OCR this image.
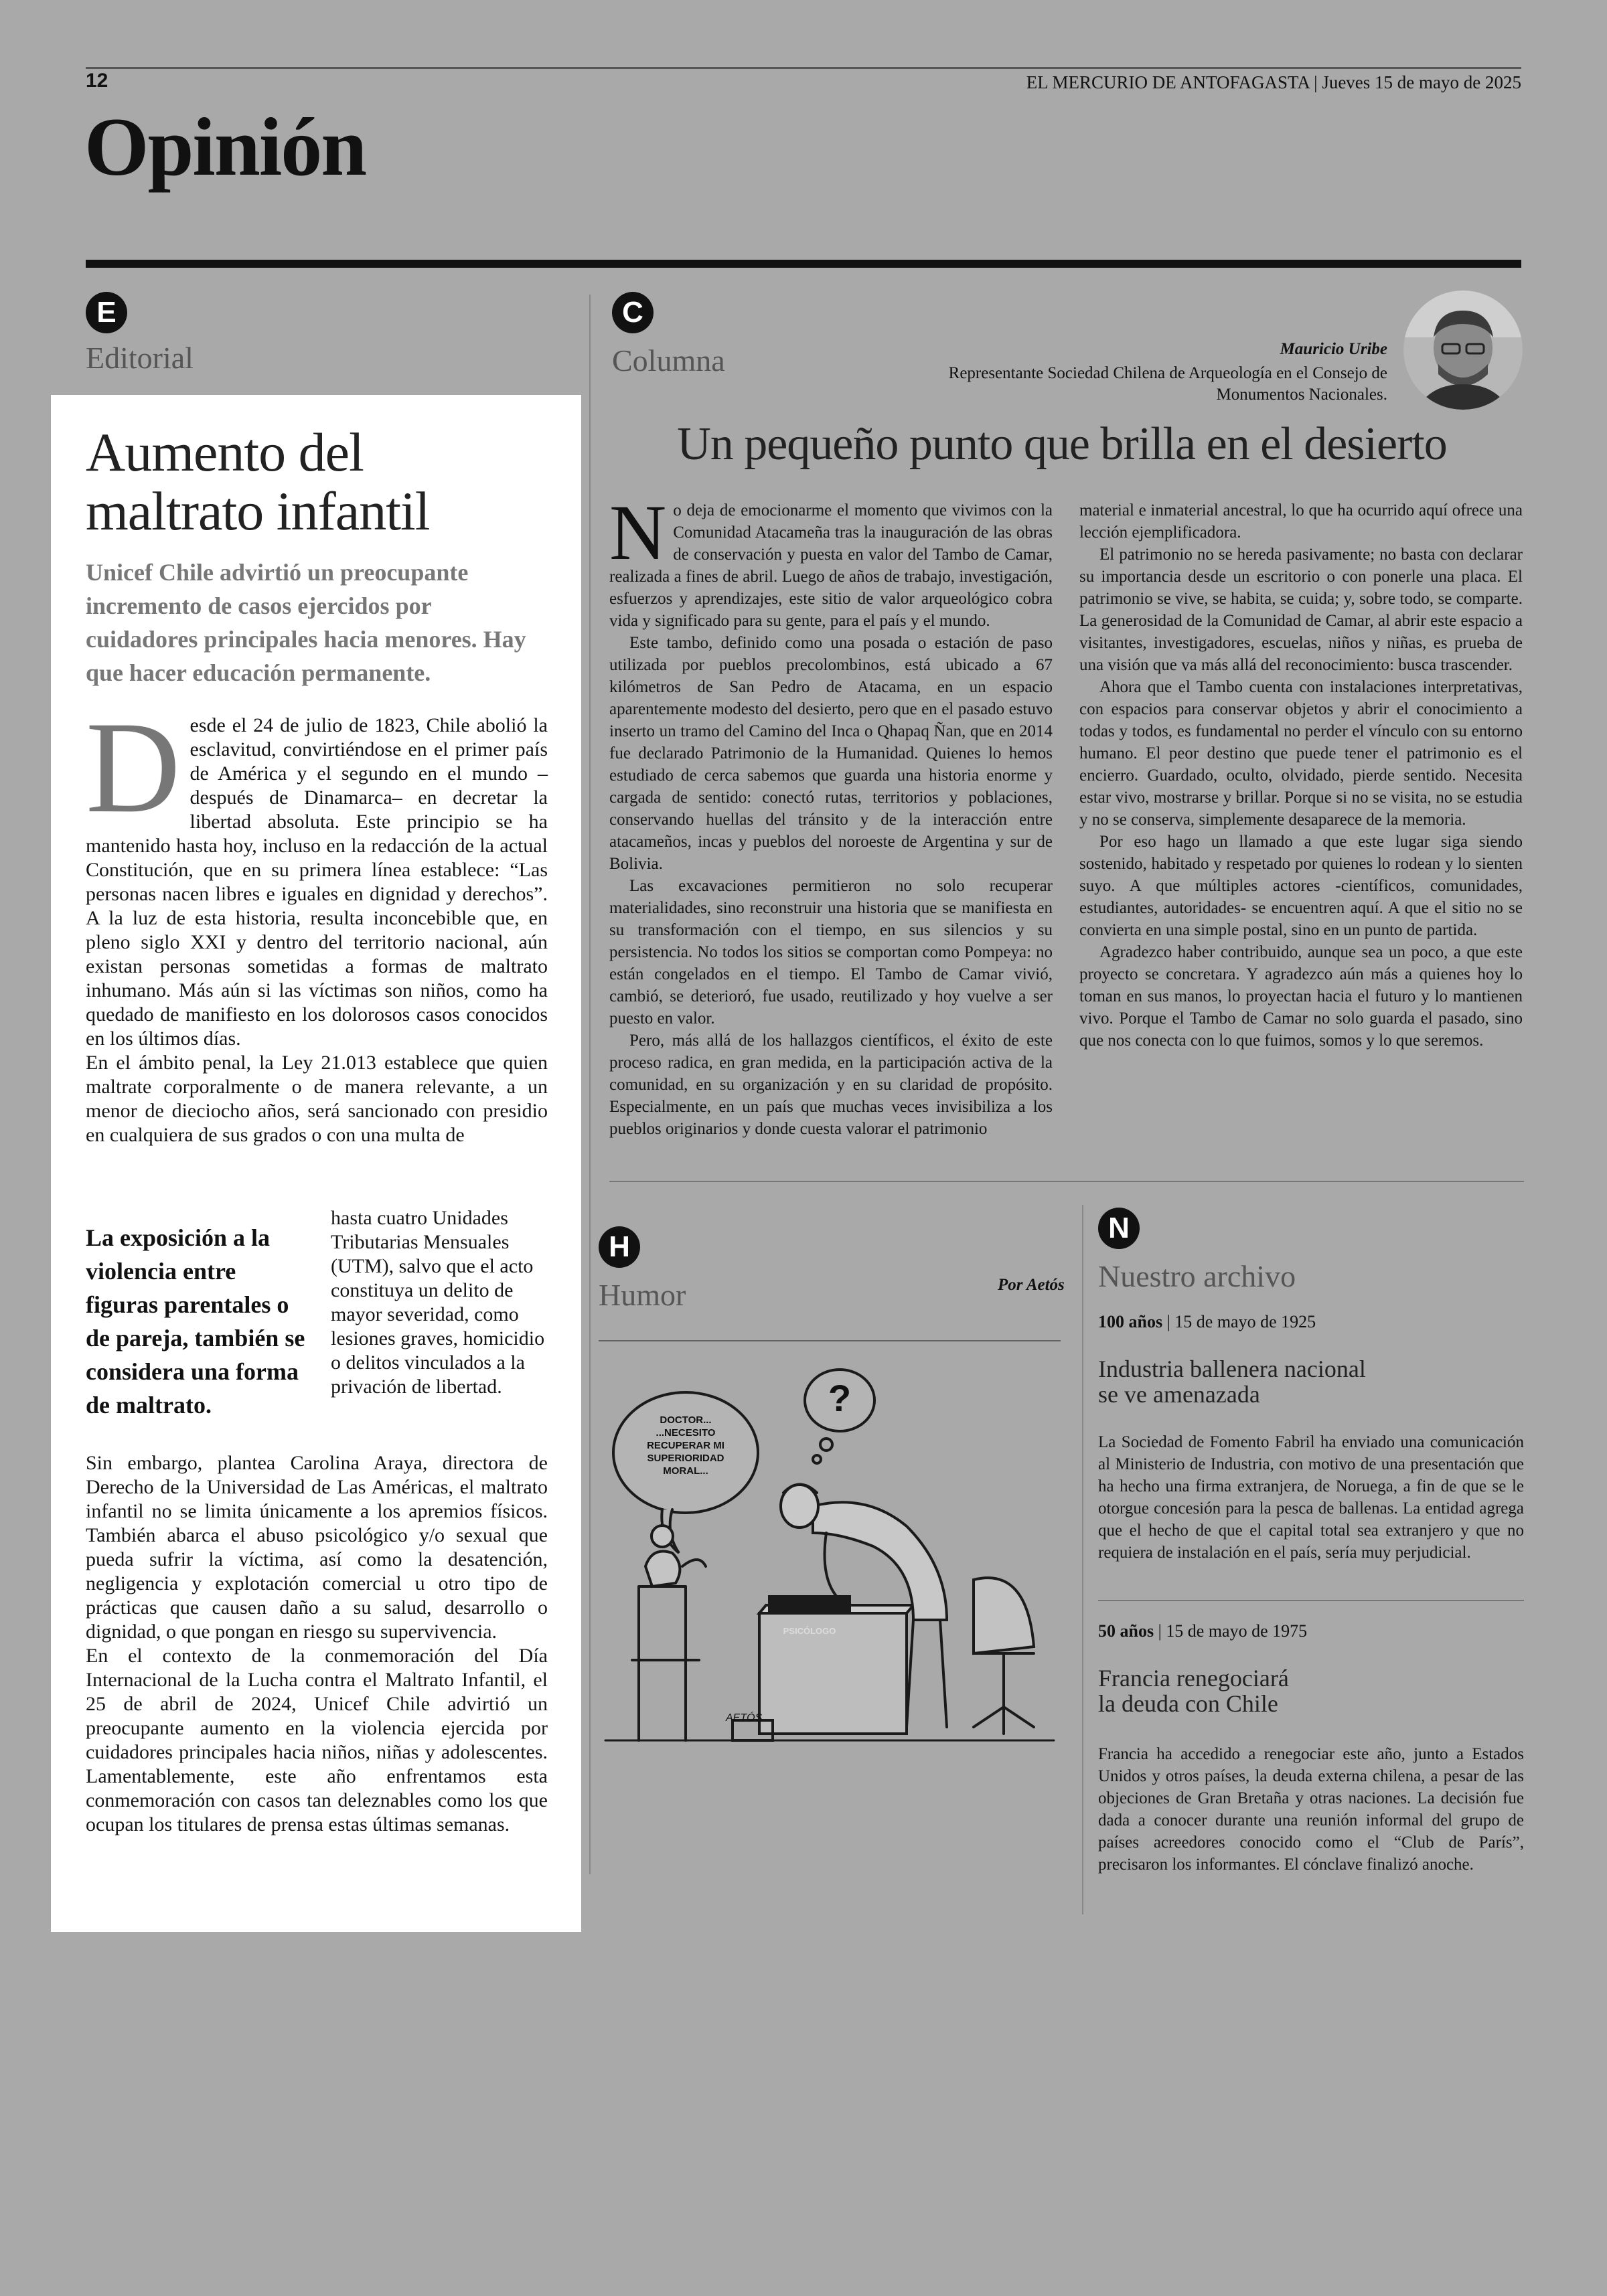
12	EL MERCURIO DE ANTOFAGASTA | Jueves 15 de mayo de 2025
Opinión
E
Editorial
Aumento del
maltrato infantil
Unicef Chile advirtió un preocupante incremento de casos ejercidos por cuidadores principales hacia menores. Hay que hacer educación permanente.
D esde el 24 de julio de 1823, Chile abolió la esclavitud, convirtiéndose en el primer país de América y el segundo en el mundo –después de Dinamarca– en decretar la libertad absoluta. Este principio se ha mantenido hasta hoy, incluso en la redacción de la actual Constitución, que en su primera línea establece: “Las personas nacen libres e iguales en dignidad y derechos”. A la luz de esta historia, resulta inconcebible que, en pleno siglo XXI y dentro del territorio nacional, aún existan personas sometidas a formas de maltrato inhumano. Más aún si las víctimas son niños, como ha quedado de manifiesto en los dolorosos casos conocidos en los últimos días.

En el ámbito penal, la Ley 21.013 establece que quien maltrate corporalmente o de manera relevante, a un menor de dieciocho años, será sancionado con presidio en cualquiera de sus grados o con una multa de

La exposición a la violencia entre figuras parentales o de pareja, también se considera una forma de maltrato.

hasta cuatro Unidades Tributarias Mensuales (UTM), salvo que el acto constituya un delito de mayor severidad, como lesiones graves, homicidio o delitos vinculados a la privación de libertad.

Sin embargo, plantea Carolina Araya, directora de Derecho de la Universidad de Las Américas, el maltrato infantil no se limita únicamente a los apremios físicos. También abarca el abuso psicológico y/o sexual que pueda sufrir la víctima, así como la desatención, negligencia y explotación comercial u otro tipo de prácticas que causen daño a su salud, desarrollo o dignidad, o que pongan en riesgo su supervivencia.

En el contexto de la conmemoración del Día Internacional de la Lucha contra el Maltrato Infantil, el 25 de abril de 2024, Unicef Chile advirtió un preocupante aumento en la violencia ejercida por cuidadores principales hacia niños, niñas y adolescentes. Lamentablemente, este año enfrentamos esta conmemoración con casos tan deleznables como los que ocupan los titulares de prensa estas últimas semanas.

C
Columna	Mauricio Uribe
Representante Sociedad Chilena de Arqueología en el Consejo de Monumentos Nacionales.
Un pequeño punto que brilla en el desierto
N o deja de emocionarme el momento que vivimos con la Comunidad Atacameña tras la inauguración de las obras de conservación y puesta en valor del Tambo de Camar, realizada a fines de abril. Luego de años de trabajo, investigación, esfuerzos y aprendizajes, este sitio de valor arqueológico cobra vida y significado para su gente, para el país y el mundo.

Este tambo, definido como una posada o estación de paso utilizada por pueblos precolombinos, está ubicado a 67 kilómetros de San Pedro de Atacama, en un espacio aparentemente modesto del desierto, pero que en el pasado estuvo inserto un tramo del Camino del Inca o Qhapaq Ñan, que en 2014 fue declarado Patrimonio de la Humanidad. Quienes lo hemos estudiado de cerca sabemos que guarda una historia enorme y cargada de sentido: conectó rutas, territorios y poblaciones, conservando huellas del tránsito y de la interacción entre atacameños, incas y pueblos del noroeste de Argentina y sur de Bolivia.

Las excavaciones permitieron no solo recuperar materialidades, sino reconstruir una historia que se manifiesta en su transformación con el tiempo, en sus silencios y su persistencia. No todos los sitios se comportan como Pompeya: no están congelados en el tiempo. El Tambo de Camar vivió, cambió, se deterioró, fue usado, reutilizado y hoy vuelve a ser puesto en valor.

Pero, más allá de los hallazgos científicos, el éxito de este proceso radica, en gran medida, en la participación activa de la comunidad, en su organización y en su claridad de propósito. Especialmente, en un país que muchas veces invisibiliza a los pueblos originarios y donde cuesta valorar el patrimonio

material e inmaterial ancestral, lo que ha ocurrido aquí ofrece una lección ejemplificadora.

El patrimonio no se hereda pasivamente; no basta con declarar su importancia desde un escritorio o con ponerle una placa. El patrimonio se vive, se habita, se cuida; y, sobre todo, se comparte. La generosidad de la Comunidad de Camar, al abrir este espacio a visitantes, investigadores, escuelas, niños y niñas, es prueba de una visión que va más allá del reconocimiento: busca trascender.

Ahora que el Tambo cuenta con instalaciones interpretativas, con espacios para conservar objetos y abrir el conocimiento a todas y todos, es fundamental no perder el vínculo con su entorno humano. El peor destino que puede tener el patrimonio es el encierro. Guardado, oculto, olvidado, pierde sentido. Necesita estar vivo, mostrarse y brillar. Porque si no se visita, no se estudia y no se conserva, simplemente desaparece de la memoria.

Por eso hago un llamado a que este lugar siga siendo sostenido, habitado y respetado por quienes lo rodean y lo sienten suyo. A que múltiples actores -científicos, comunidades, estudiantes, autoridades- se encuentren aquí. A que el sitio no se convierta en una simple postal, sino en un punto de partida.

Agradezco haber contribuido, aunque sea un poco, a que este proyecto se concretara. Y agradezco aún más a quienes hoy lo toman en sus manos, lo proyectan hacia el futuro y lo mantienen vivo. Porque el Tambo de Camar no solo guarda el pasado, sino que nos conecta con lo que fuimos, somos y lo que seremos.

H
Humor	Por Aetós
DOCTOR...
...NECESITO
RECUPERAR MI
SUPERIORIDAD
MORAL...
?
PSICÓLOGO
AETÓS
N
Nuestro archivo
100 años | 15 de mayo de 1925
Industria ballenera nacional
se ve amenazada

La Sociedad de Fomento Fabril ha enviado una comunicación al Ministerio de Industria, con motivo de una presentación que ha hecho una firma extranjera, de Noruega, a fin de que se le otorgue concesión para la pesca de ballenas. La entidad agrega que el hecho de que el capital total sea extranjero y que no requiera de instalación en el país, sería muy perjudicial.

50 años | 15 de mayo de 1975
Francia renegociará
la deuda con Chile

Francia ha accedido a renegociar este año, junto a Estados Unidos y otros países, la deuda externa chilena, a pesar de las objeciones de Gran Bretaña y otras naciones. La decisión fue dada a conocer durante una reunión informal del grupo de países acreedores conocido como el “Club de París”, precisaron los informantes. El cónclave finalizó anoche.
